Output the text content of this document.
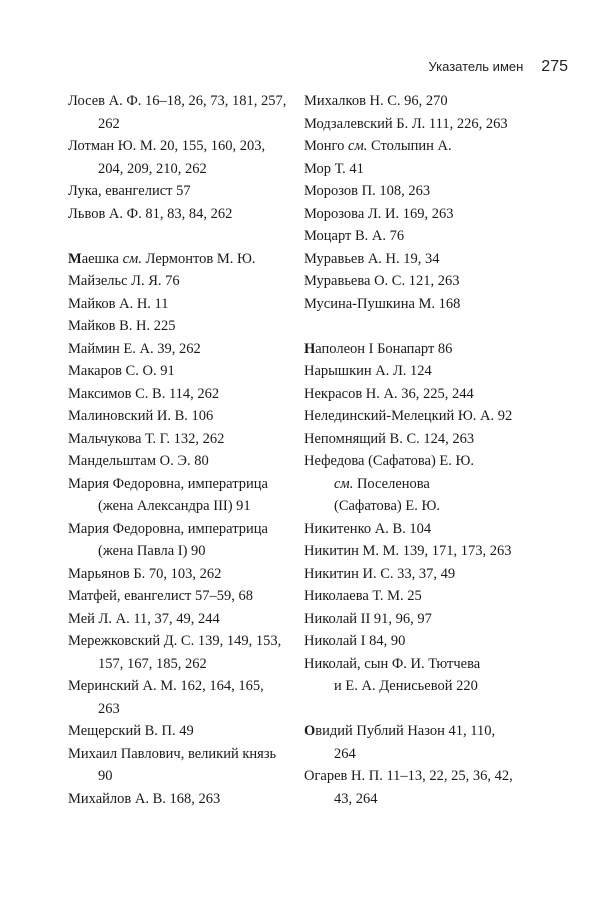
Указатель имен 275
Лосев А. Ф. 16–18, 26, 73, 181, 257,
262
Лотман Ю. М. 20, 155, 160, 203,
204, 209, 210, 262
Лука, евангелист 57
Львов А. Ф. 81, 83, 84, 262
Маешка см. Лермонтов М. Ю.
Майзельс Л. Я. 76
Майков А. Н. 11
Майков В. Н. 225
Маймин Е. А. 39, 262
Макаров С. О. 91
Максимов С. В. 114, 262
Малиновский И. В. 106
Мальчукова Т. Г. 132, 262
Мандельштам О. Э. 80
Мария Федоровна, императрица
(жена Александра III) 91
Мария Федоровна, императрица
(жена Павла I) 90
Марьянов Б. 70, 103, 262
Матфей, евангелист 57–59, 68
Мей Л. А. 11, 37, 49, 244
Мережковский Д. С. 139, 149, 153,
157, 167, 185, 262
Меринский А. М. 162, 164, 165,
263
Мещерский В. П. 49
Михаил Павлович, великий князь
90
Михайлов А. В. 168, 263
Михалков Н. С. 96, 270
Модзалевский Б. Л. 111, 226, 263
Монго см. Столыпин А.
Мор Т. 41
Морозов П. 108, 263
Морозова Л. И. 169, 263
Моцарт В. А. 76
Муравьев А. Н. 19, 34
Муравьева О. С. 121, 263
Мусина-Пушкина М. 168
Наполеон I Бонапарт 86
Нарышкин А. Л. 124
Некрасов Н. А. 36, 225, 244
Нелединский-Мелецкий Ю. А. 92
Непомнящий В. С. 124, 263
Нефедова (Сафатова) Е. Ю.
см. Поселенова
(Сафатова) Е. Ю.
Никитенко А. В. 104
Никитин М. М. 139, 171, 173, 263
Никитин И. С. 33, 37, 49
Николаева Т. М. 25
Николай II 91, 96, 97
Николай I 84, 90
Николай, сын Ф. И. Тютчева
и Е. А. Денисьевой 220
Овидий Публий Назон 41, 110,
264
Огарев Н. П. 11–13, 22, 25, 36, 42,
43, 264
